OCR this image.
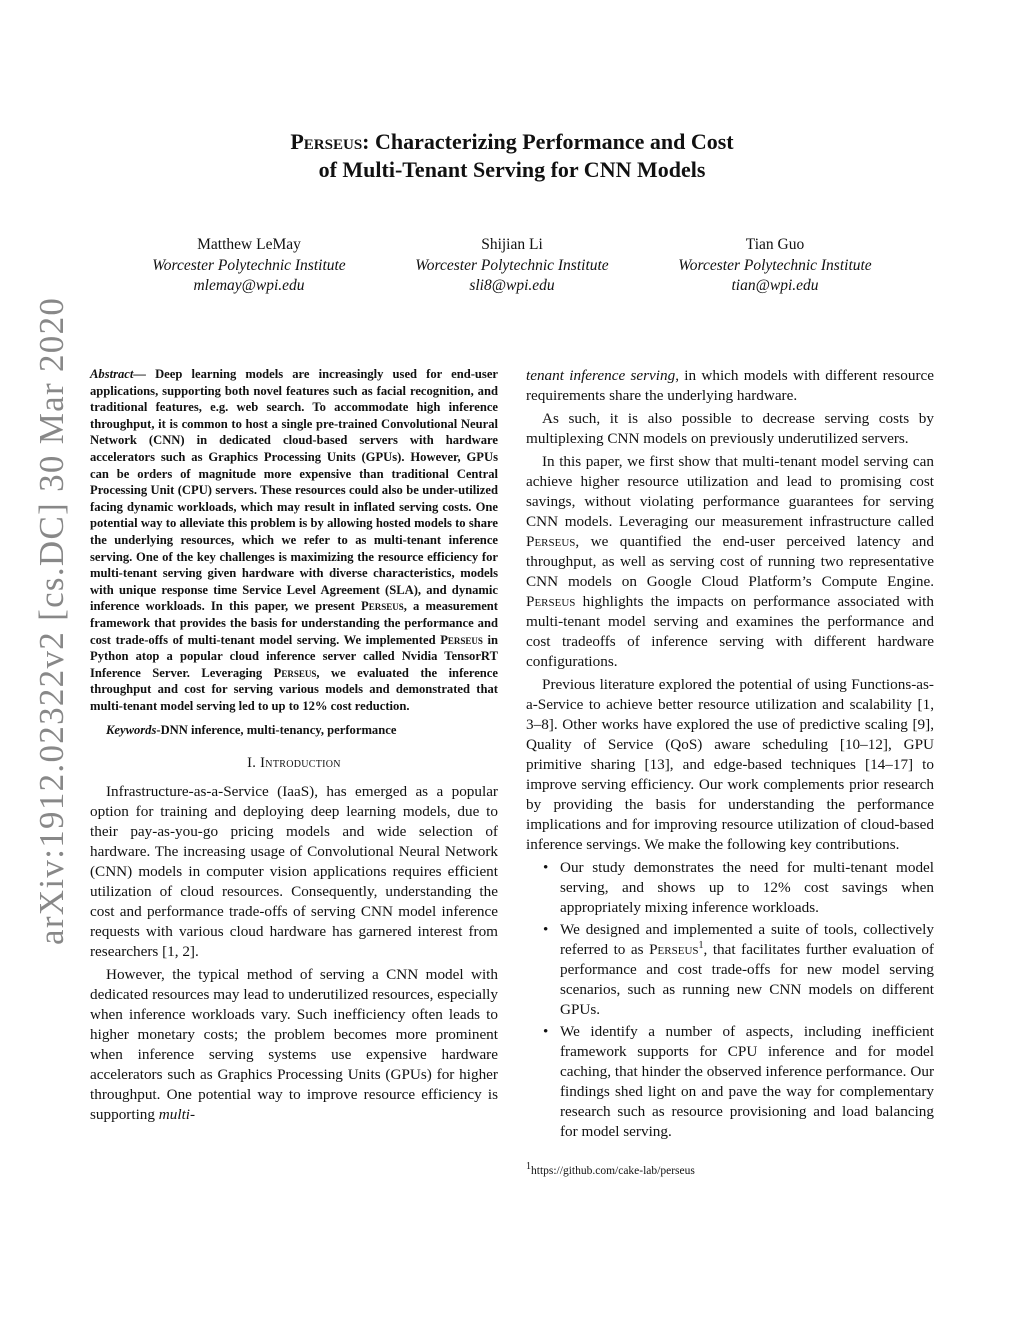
arXiv:1912.02322v2 [cs.DC] 30 Mar 2020
Perseus: Characterizing Performance and Cost
of Multi-Tenant Serving for CNN Models
Matthew LeMay
Worcester Polytechnic Institute
mlemay@wpi.edu
Shijian Li
Worcester Polytechnic Institute
sli8@wpi.edu
Tian Guo
Worcester Polytechnic Institute
tian@wpi.edu
Abstract— Deep learning models are increasingly used for end-user applications, supporting both novel features such as facial recognition, and traditional features, e.g. web search. To accommodate high inference throughput, it is common to host a single pre-trained Convolutional Neural Network (CNN) in dedicated cloud-based servers with hardware accelerators such as Graphics Processing Units (GPUs). However, GPUs can be orders of magnitude more expensive than traditional Central Processing Unit (CPU) servers. These resources could also be under-utilized facing dynamic workloads, which may result in inflated serving costs. One potential way to alleviate this problem is by allowing hosted models to share the underlying resources, which we refer to as multi-tenant inference serving. One of the key challenges is maximizing the resource efficiency for multi-tenant serving given hardware with diverse characteristics, models with unique response time Service Level Agreement (SLA), and dynamic inference workloads. In this paper, we present Perseus, a measurement framework that provides the basis for understanding the performance and cost trade-offs of multi-tenant model serving. We implemented Perseus in Python atop a popular cloud inference server called Nvidia TensorRT Inference Server. Leveraging Perseus, we evaluated the inference throughput and cost for serving various models and demonstrated that multi-tenant model serving led to up to 12% cost reduction.
Keywords-DNN inference, multi-tenancy, performance
I. Introduction

Infrastructure-as-a-Service (IaaS), has emerged as a popular option for training and deploying deep learning models, due to their pay-as-you-go pricing models and wide selection of hardware. The increasing usage of Convolutional Neural Network (CNN) models in computer vision applications requires efficient utilization of cloud resources. Consequently, understanding the cost and performance trade-offs of serving CNN model inference requests with various cloud hardware has garnered interest from researchers [1, 2].

However, the typical method of serving a CNN model with dedicated resources may lead to underutilized resources, especially when inference workloads vary. Such inefficiency often leads to higher monetary costs; the problem becomes more prominent when inference serving systems use expensive hardware accelerators such as Graphics Processing Units (GPUs) for higher throughput. One potential way to improve resource efficiency is supporting multi-

tenant inference serving, in which models with different resource requirements share the underlying hardware.

As such, it is also possible to decrease serving costs by multiplexing CNN models on previously underutilized servers.

In this paper, we first show that multi-tenant model serving can achieve higher resource utilization and lead to promising cost savings, without violating performance guarantees for serving CNN models. Leveraging our measurement infrastructure called Perseus, we quantified the end-user perceived latency and throughput, as well as serving cost of running two representative CNN models on Google Cloud Platform’s Compute Engine. Perseus highlights the impacts on performance associated with multi-tenant model serving and examines the performance and cost tradeoffs of inference serving with different hardware configurations.

Previous literature explored the potential of using Functions-as-a-Service to achieve better resource utilization and scalability [1, 3–8]. Other works have explored the use of predictive scaling [9], Quality of Service (QoS) aware scheduling [10–12], GPU primitive sharing [13], and edge-based techniques [14–17] to improve serving efficiency. Our work complements prior research by providing the basis for understanding the performance implications and for improving resource utilization of cloud-based inference servings. We make the following key contributions.

• Our study demonstrates the need for multi-tenant model serving, and shows up to 12% cost savings when appropriately mixing inference workloads.
• We designed and implemented a suite of tools, collectively referred to as Perseus$^1$, that facilitates further evaluation of performance and cost trade-offs for new model serving scenarios, such as running new CNN models on different GPUs.
• We identify a number of aspects, including inefficient framework supports for CPU inference and for model caching, that hinder the observed inference performance. Our findings shed light on and pave the way for complementary research such as resource provisioning and load balancing for model serving.
$^1$https://github.com/cake-lab/perseus
